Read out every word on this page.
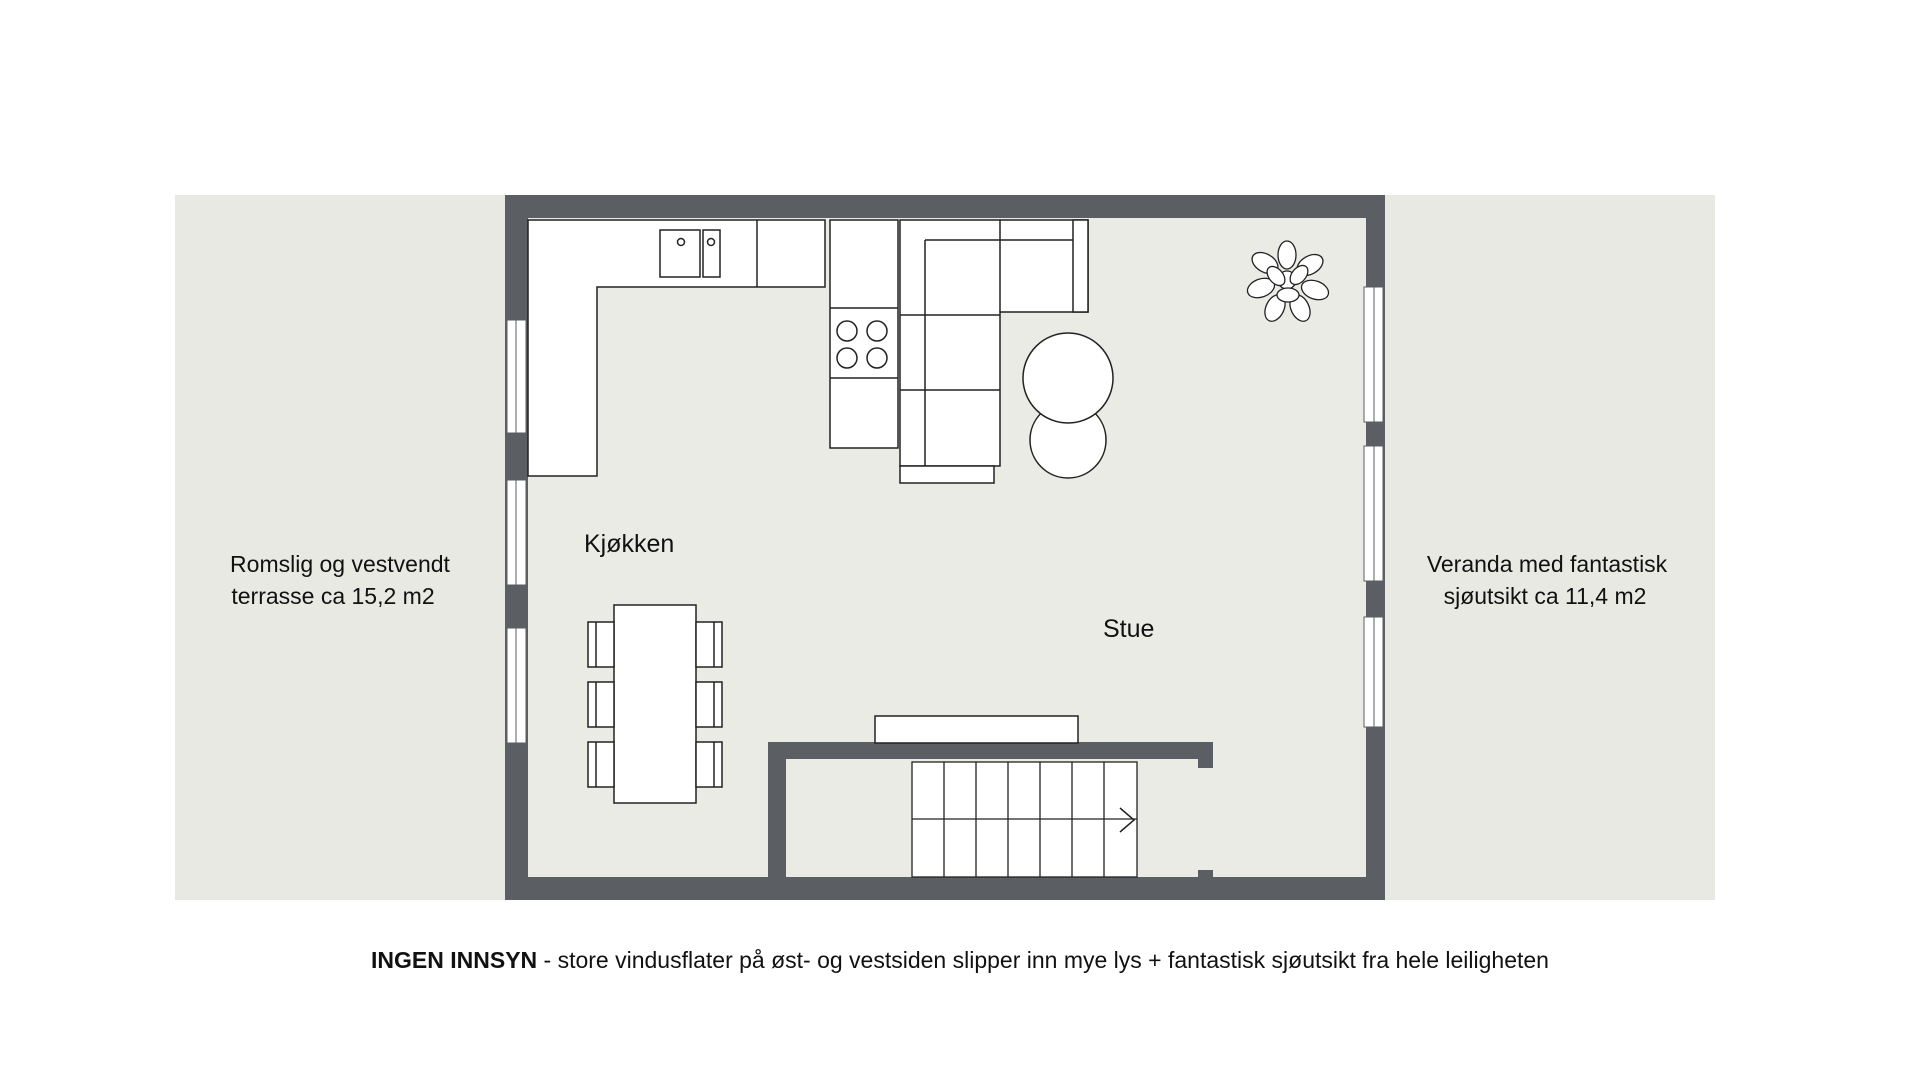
Kjøkken
Stue
Romslig og vestvendt
terrasse ca 15,2 m2
Veranda med fantastisk
sjøutsikt ca 11,4 m2
INGEN INNSYN - store vindusflater på øst- og vestsiden slipper inn mye lys + fantastisk sjøutsikt fra hele leiligheten
